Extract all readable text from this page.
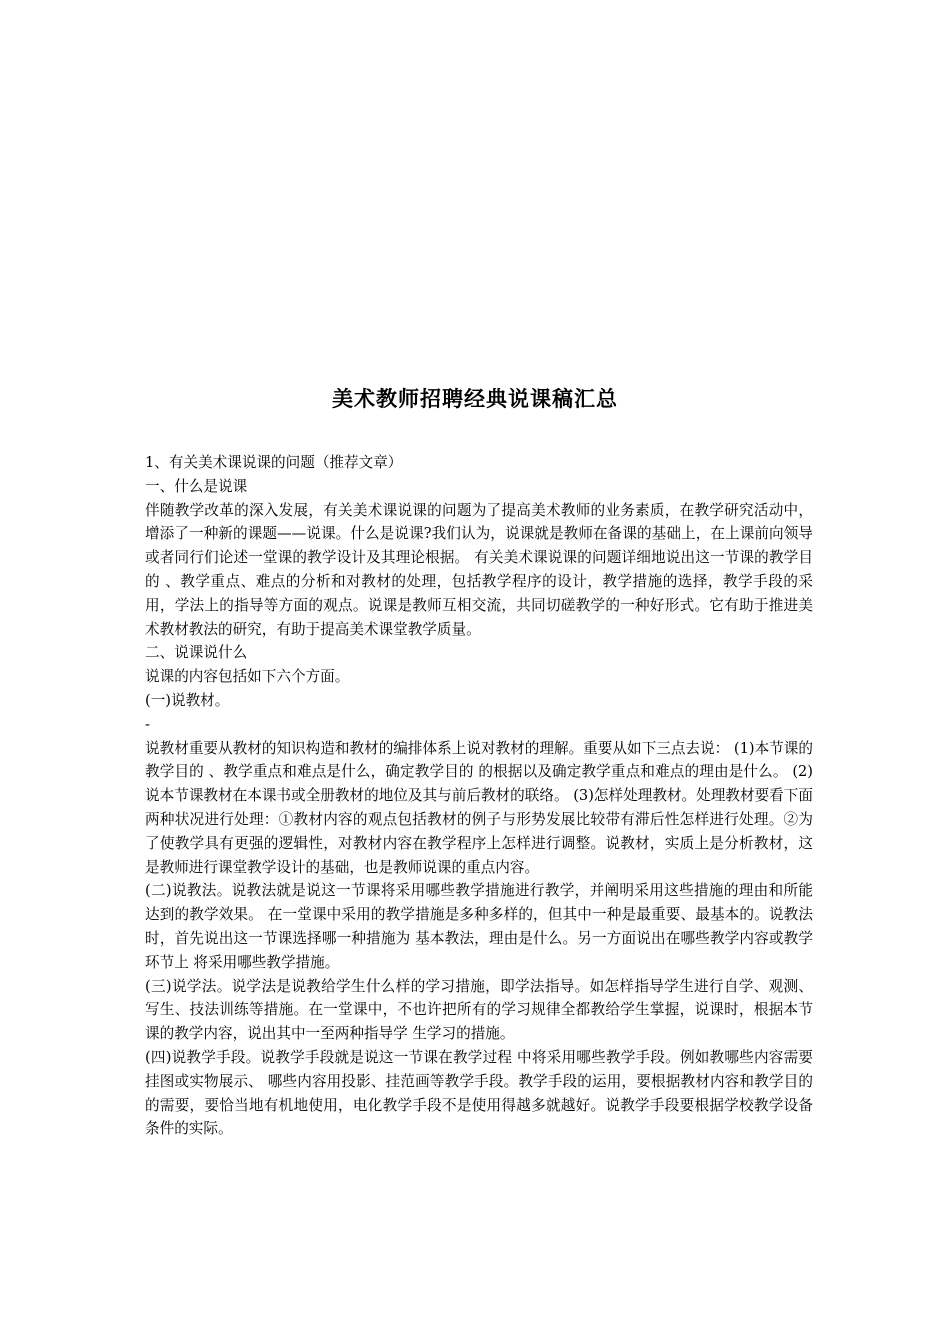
美术教师招聘经典说课稿汇总

1、有关美术课说课的问题（推荐文章）

一、什么是说课

伴随教学改革的深入发展，有关美术课说课的问题为了提高美术教师的业务素质，在教学研究活动中，增添了一种新的课题——说课。什么是说课?我们认为，说课就是教师在备课的基础上，在上课前向领导或者同行们论述一堂课的教学设计及其理论根据。 有关美术课说课的问题详细地说出这一节课的教学目的 、教学重点、难点的分析和对教材的处理，包括教学程序的设计，教学措施的选择，教学手段的采用，学法上的指导等方面的观点。说课是教师互相交流，共同切磋教学的一种好形式。它有助于推进美术教材教法的研究，有助于提高美术课堂教学质量。

二、说课说什么

说课的内容包括如下六个方面。

(一)说教材。

-

说教材重要从教材的知识构造和教材的编排体系上说对教材的理解。重要从如下三点去说： (1)本节课的教学目的 、教学重点和难点是什么，确定教学目的 的根据以及确定教学重点和难点的理由是什么。 (2)说本节课教材在本课书或全册教材的地位及其与前后教材的联络。 (3)怎样处理教材。处理教材要看下面两种状况进行处理：①教材内容的观点包括教材的例子与形势发展比较带有滞后性怎样进行处理。②为了使教学具有更强的逻辑性，对教材内容在教学程序上怎样进行调整。说教材，实质上是分析教材，这是教师进行课堂教学设计的基础，也是教师说课的重点内容。

(二)说教法。说教法就是说这一节课将采用哪些教学措施进行教学，并阐明采用这些措施的理由和所能达到的教学效果。 在一堂课中采用的教学措施是多种多样的，但其中一种是最重要、最基本的。说教法时，首先说出这一节课选择哪一种措施为 基本教法，理由是什么。另一方面说出在哪些教学内容或教学环节上 将采用哪些教学措施。

(三)说学法。说学法是说教给学生什么样的学习措施，即学法指导。如怎样指导学生进行自学、观测、写生、技法训练等措施。在一堂课中，不也许把所有的学习规律全都教给学生掌握，说课时，根据本节课的教学内容，说出其中一至两种指导学 生学习的措施。

(四)说教学手段。说教学手段就是说这一节课在教学过程 中将采用哪些教学手段。例如教哪些内容需要挂图或实物展示、 哪些内容用投影、挂范画等教学手段。教学手段的运用，要根据教材内容和教学目的 的需要，要恰当地有机地使用，电化教学手段不是使用得越多就越好。说教学手段要根据学校教学设备条件的实际。
